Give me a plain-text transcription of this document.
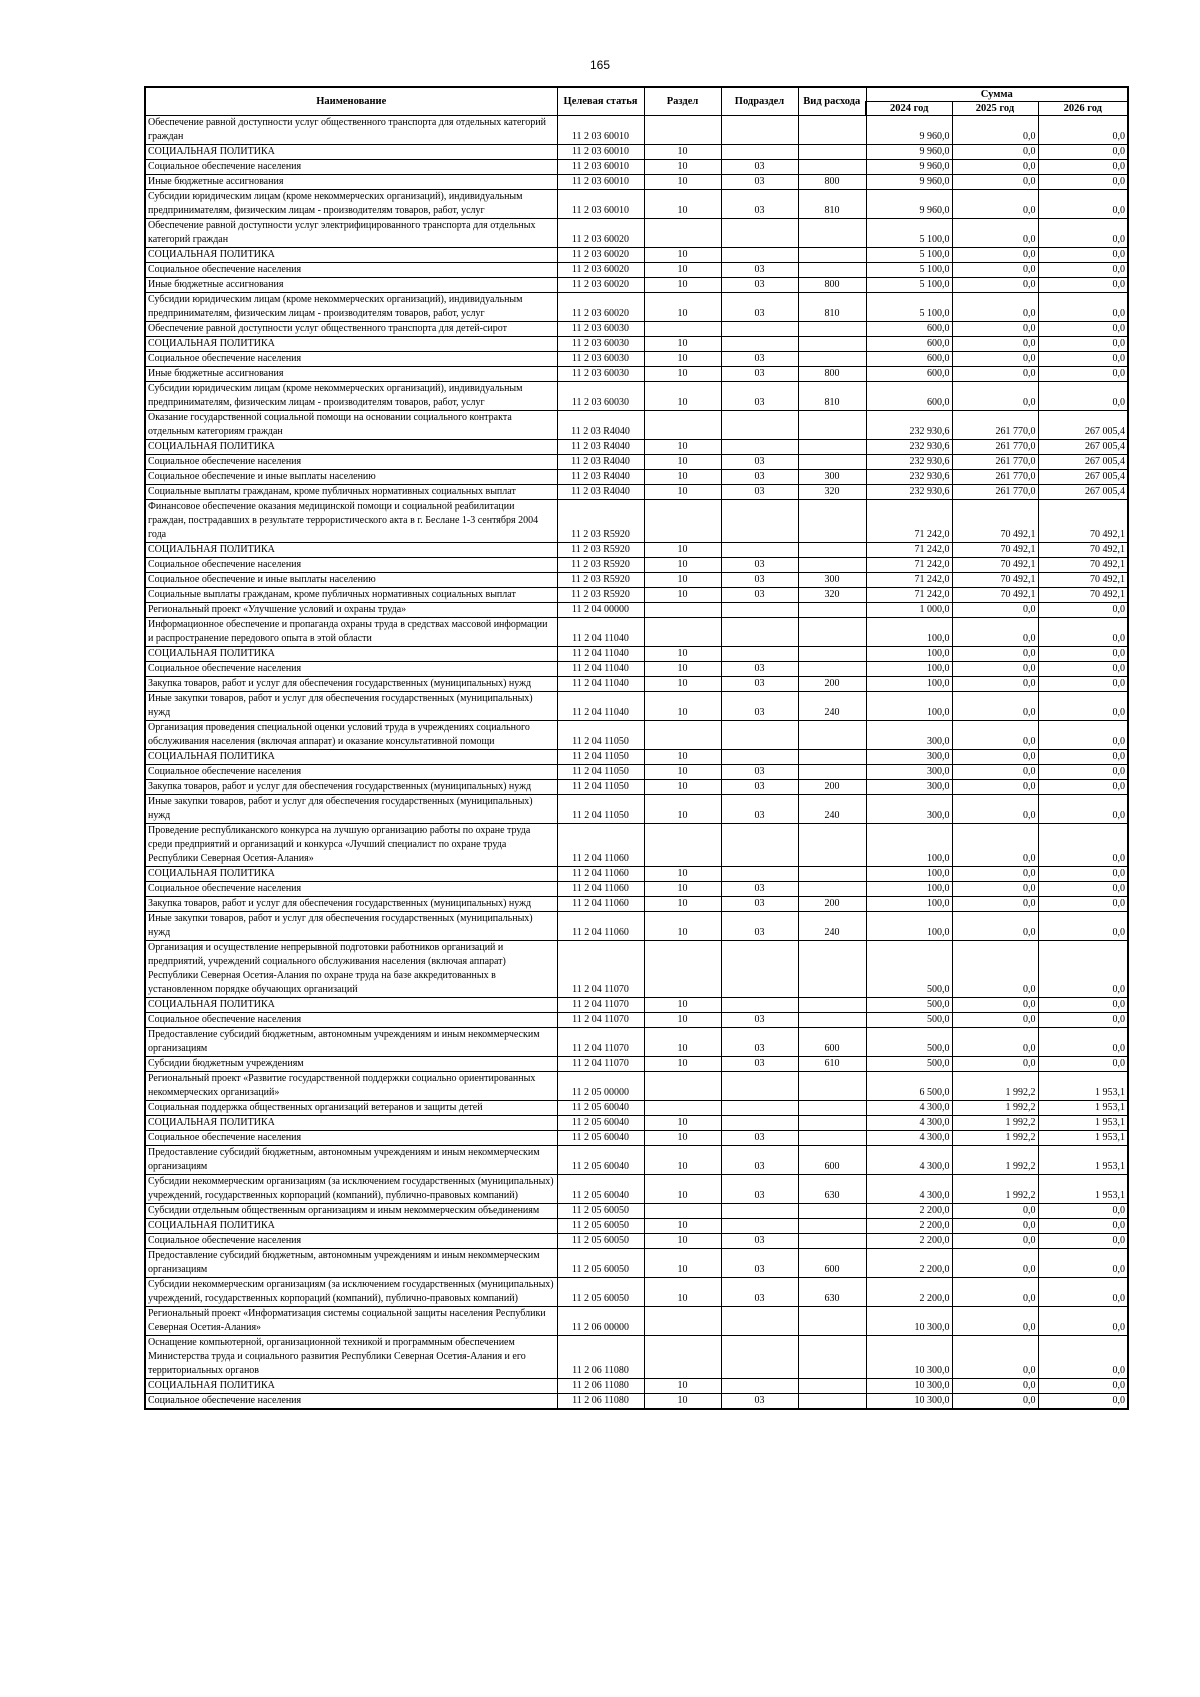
165
Наименование	Целевая статья	Раздел	Подраздел	Вид расхода	Сумма		
					2024 год	2025 год	2026 год
Обеспечение равной доступности услуг общественного транспорта для отдельных категорий граждан	11 2 03 60010				9 960,0	0,0	0,0
СОЦИАЛЬНАЯ ПОЛИТИКА	11 2 03 60010	10			9 960,0	0,0	0,0
Социальное обеспечение населения	11 2 03 60010	10	03		9 960,0	0,0	0,0
Иные бюджетные ассигнования	11 2 03 60010	10	03	800	9 960,0	0,0	0,0
Субсидии юридическим лицам (кроме некоммерческих организаций), индивидуальным предпринимателям, физическим лицам - производителям товаров, работ, услуг	11 2 03 60010	10	03	810	9 960,0	0,0	0,0
Обеспечение равной доступности услуг электрифицированного транспорта для отдельных категорий граждан	11 2 03 60020				5 100,0	0,0	0,0
СОЦИАЛЬНАЯ ПОЛИТИКА	11 2 03 60020	10			5 100,0	0,0	0,0
Социальное обеспечение населения	11 2 03 60020	10	03		5 100,0	0,0	0,0
Иные бюджетные ассигнования	11 2 03 60020	10	03	800	5 100,0	0,0	0,0
Субсидии юридическим лицам (кроме некоммерческих организаций), индивидуальным предпринимателям, физическим лицам - производителям товаров, работ, услуг	11 2 03 60020	10	03	810	5 100,0	0,0	0,0
Обеспечение равной доступности услуг общественного транспорта для детей-сирот	11 2 03 60030				600,0	0,0	0,0
СОЦИАЛЬНАЯ ПОЛИТИКА	11 2 03 60030	10			600,0	0,0	0,0
Социальное обеспечение населения	11 2 03 60030	10	03		600,0	0,0	0,0
Иные бюджетные ассигнования	11 2 03 60030	10	03	800	600,0	0,0	0,0
Субсидии юридическим лицам (кроме некоммерческих организаций), индивидуальным предпринимателям, физическим лицам - производителям товаров, работ, услуг	11 2 03 60030	10	03	810	600,0	0,0	0,0
Оказание государственной социальной помощи на основании социального контракта отдельным категориям граждан	11 2 03 R4040				232 930,6	261 770,0	267 005,4
СОЦИАЛЬНАЯ ПОЛИТИКА	11 2 03 R4040	10			232 930,6	261 770,0	267 005,4
Социальное обеспечение населения	11 2 03 R4040	10	03		232 930,6	261 770,0	267 005,4
Социальное обеспечение и иные выплаты населению	11 2 03 R4040	10	03	300	232 930,6	261 770,0	267 005,4
Социальные выплаты гражданам, кроме публичных нормативных социальных выплат	11 2 03 R4040	10	03	320	232 930,6	261 770,0	267 005,4
Финансовое обеспечение оказания медицинской помощи и социальной реабилитации граждан, пострадавших в результате террористического акта в г. Беслане 1-3 сентября 2004 года	11 2 03 R5920				71 242,0	70 492,1	70 492,1
СОЦИАЛЬНАЯ ПОЛИТИКА	11 2 03 R5920	10			71 242,0	70 492,1	70 492,1
Социальное обеспечение населения	11 2 03 R5920	10	03		71 242,0	70 492,1	70 492,1
Социальное обеспечение и иные выплаты населению	11 2 03 R5920	10	03	300	71 242,0	70 492,1	70 492,1
Социальные выплаты гражданам, кроме публичных нормативных социальных выплат	11 2 03 R5920	10	03	320	71 242,0	70 492,1	70 492,1
Региональный проект «Улучшение условий и охраны труда»	11 2 04 00000				1 000,0	0,0	0,0
Информационное обеспечение и пропаганда охраны труда в средствах массовой информации и распространение передового опыта в этой области	11 2 04 11040				100,0	0,0	0,0
СОЦИАЛЬНАЯ ПОЛИТИКА	11 2 04 11040	10			100,0	0,0	0,0
Социальное обеспечение населения	11 2 04 11040	10	03		100,0	0,0	0,0
Закупка товаров, работ и услуг для обеспечения государственных (муниципальных) нужд	11 2 04 11040	10	03	200	100,0	0,0	0,0
Иные закупки товаров, работ и услуг для обеспечения государственных (муниципальных) нужд	11 2 04 11040	10	03	240	100,0	0,0	0,0
Организация проведения специальной оценки условий труда в учреждениях социального обслуживания населения (включая аппарат) и оказание консультативной помощи	11 2 04 11050				300,0	0,0	0,0
СОЦИАЛЬНАЯ ПОЛИТИКА	11 2 04 11050	10			300,0	0,0	0,0
Социальное обеспечение населения	11 2 04 11050	10	03		300,0	0,0	0,0
Закупка товаров, работ и услуг для обеспечения государственных (муниципальных) нужд	11 2 04 11050	10	03	200	300,0	0,0	0,0
Иные закупки товаров, работ и услуг для обеспечения государственных (муниципальных) нужд	11 2 04 11050	10	03	240	300,0	0,0	0,0
Проведение республиканского конкурса на лучшую организацию работы по охране труда среди предприятий и организаций и конкурса «Лучший специалист по охране труда Республики Северная Осетия-Алания»	11 2 04 11060				100,0	0,0	0,0
СОЦИАЛЬНАЯ ПОЛИТИКА	11 2 04 11060	10			100,0	0,0	0,0
Социальное обеспечение населения	11 2 04 11060	10	03		100,0	0,0	0,0
Закупка товаров, работ и услуг для обеспечения государственных (муниципальных) нужд	11 2 04 11060	10	03	200	100,0	0,0	0,0
Иные закупки товаров, работ и услуг для обеспечения государственных (муниципальных) нужд	11 2 04 11060	10	03	240	100,0	0,0	0,0
Организация и осуществление непрерывной подготовки работников организаций и предприятий, учреждений социального обслуживания населения (включая аппарат) Республики Северная Осетия-Алания по охране труда на базе аккредитованных в установленном порядке обучающих организаций	11 2 04 11070				500,0	0,0	0,0
СОЦИАЛЬНАЯ ПОЛИТИКА	11 2 04 11070	10			500,0	0,0	0,0
Социальное обеспечение населения	11 2 04 11070	10	03		500,0	0,0	0,0
Предоставление субсидий бюджетным, автономным учреждениям и иным некоммерческим организациям	11 2 04 11070	10	03	600	500,0	0,0	0,0
Субсидии бюджетным учреждениям	11 2 04 11070	10	03	610	500,0	0,0	0,0
Региональный проект «Развитие государственной поддержки социально ориентированных некоммерческих организаций»	11 2 05 00000				6 500,0	1 992,2	1 953,1
Социальная поддержка общественных организаций ветеранов и защиты детей	11 2 05 60040				4 300,0	1 992,2	1 953,1
СОЦИАЛЬНАЯ ПОЛИТИКА	11 2 05 60040	10			4 300,0	1 992,2	1 953,1
Социальное обеспечение населения	11 2 05 60040	10	03		4 300,0	1 992,2	1 953,1
Предоставление субсидий бюджетным, автономным учреждениям и иным некоммерческим организациям	11 2 05 60040	10	03	600	4 300,0	1 992,2	1 953,1
Субсидии некоммерческим организациям (за исключением государственных (муниципальных) учреждений, государственных корпораций (компаний), публично-правовых компаний)	11 2 05 60040	10	03	630	4 300,0	1 992,2	1 953,1
Субсидии отдельным общественным организациям и иным некоммерческим объединениям	11 2 05 60050				2 200,0	0,0	0,0
СОЦИАЛЬНАЯ ПОЛИТИКА	11 2 05 60050	10			2 200,0	0,0	0,0
Социальное обеспечение населения	11 2 05 60050	10	03		2 200,0	0,0	0,0
Предоставление субсидий бюджетным, автономным учреждениям и иным некоммерческим организациям	11 2 05 60050	10	03	600	2 200,0	0,0	0,0
Субсидии некоммерческим организациям (за исключением государственных (муниципальных) учреждений, государственных корпораций (компаний), публично-правовых компаний)	11 2 05 60050	10	03	630	2 200,0	0,0	0,0
Региональный проект «Информатизация системы социальной защиты населения Республики Северная Осетия-Алания»	11 2 06 00000				10 300,0	0,0	0,0
Оснащение компьютерной, организационной техникой и программным обеспечением Министерства труда и социального развития Республики Северная Осетия-Алания и его территориальных органов	11 2 06 11080				10 300,0	0,0	0,0
СОЦИАЛЬНАЯ ПОЛИТИКА	11 2 06 11080	10			10 300,0	0,0	0,0
Социальное обеспечение населения	11 2 06 11080	10	03		10 300,0	0,0	0,0
